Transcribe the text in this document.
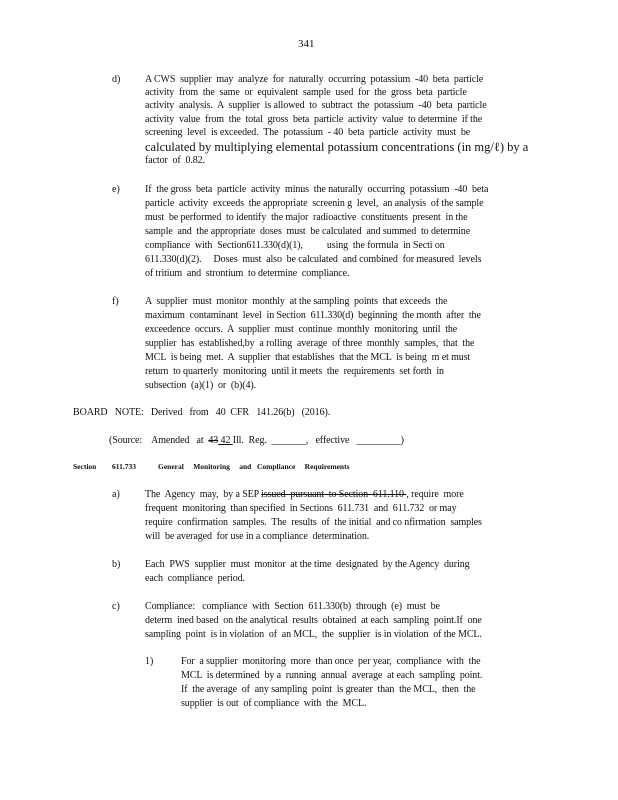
341
d) A CWS  supplier  may  analyze  for  naturally  occurring  potassium  -40  beta  particle
activity  from  the  same  or  equivalent  sample  used  for  the  gross  beta  particle
activity  analysis.  A  supplier  is allowed  to  subtract  the  potassium  -40  beta  particle
activity  value  from  the  total  gross  beta  particle  activity  value  to determine  if the
screening  level  is exceeded.  The  potassium  - 40  beta  particle  activity  must  be
calculated by multiplying elemental potassium concentrations (in mg/ℓ) by a
factor  of  0.82.
e)	If  the gross  beta  particle  activity  minus  the naturally  occurring  potassium  -40  beta
particle  activity  exceeds  the appropriate  screenin g  level,  an analysis  of the sample
must  be performed  to identify  the major  radioactive  constituents  present  in the
sample  and  the appropriate  doses  must  be calculated  and summed  to determine
compliance  with  Section611.330(d)(1),          using  the formula  in Secti on
611.330(d)(2).     Doses  must  also  be calculated  and combined  for measured  levels
of tritium  and  strontium  to determine  compliance.
f)	A  supplier  must  monitor  monthly  at the sampling  points  that exceeds  the
maximum  contaminant  level  in Section  611.330(d)  beginning  the month  after  the
exceedence  occurs.  A  supplier  must  continue  monthly  monitoring  until  the
supplier  has  established,by  a rolling  average  of three  monthly  samples,  that  the
MCL  is being  met.  A  supplier  that establishes  that the MCL  is being  m et must
return  to quarterly  monitoring  until it meets  the  requirements  set forth  in
subsection  (a)(1)  or  (b)(4).
BOARD   NOTE:   Derived   from   40  CFR   141.26(b)   (2016).
(Source:    Amended   at  43 42 Ill.  Reg.  _______,   effective   _________)
Section 611.733	General     Monitoring     and   Compliance     Requirements
a)	The  Agency  may,  by a SEP issued  pursuant  to Section  611.110 , require  more
frequent  monitoring  than specified  in Sections  611.731  and  611.732  or may
require  confirmation  samples.  The  results  of  the initial  and co nfirmation  samples
will  be averaged  for use in a compliance  determination.
b) Each  PWS  supplier  must  monitor  at the time  designated  by the Agency  during
each  compliance  period.
c)	Compliance:   compliance  with  Section  611.330(b)  through  (e)  must  be
determ  ined based  on the analytical  results  obtained  at each  sampling  point.If  one
sampling  point  is in violation  of  an MCL,  the  supplier  is in violation  of the MCL.
1)	For  a supplier  monitoring  more  than once  per year,  compliance  with  the
MCL  is determined  by a  running  annual  average  at each  sampling  point.
If  the average  of  any sampling  point  is greater  than  the MCL,  then  the
supplier  is out  of compliance  with  the  MCL.
